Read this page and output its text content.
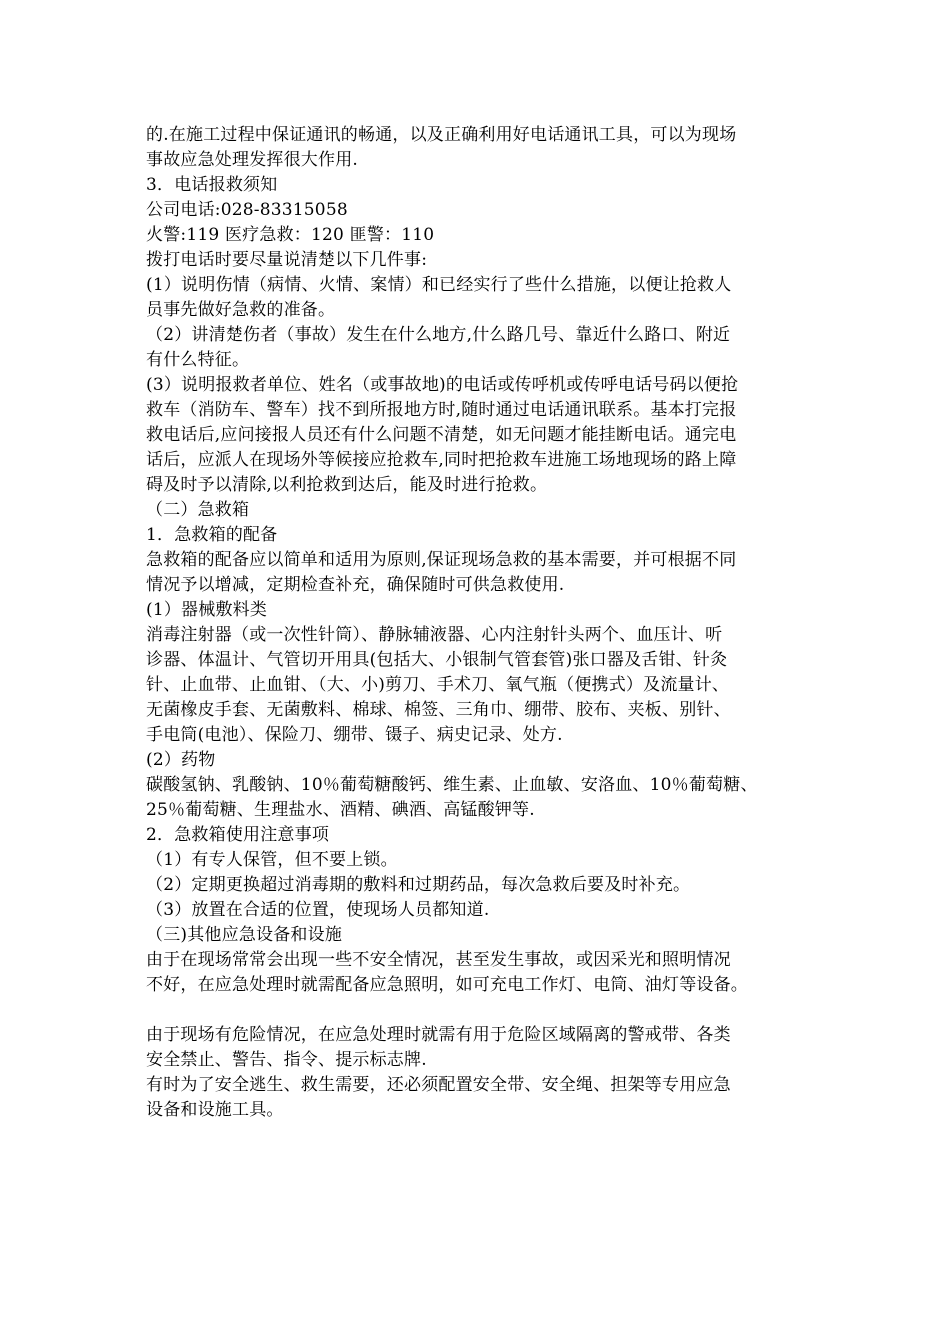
的.在施工过程中保证通讯的畅通，以及正确利用好电话通讯工具，可以为现场
事故应急处理发挥很大作用.
3．电话报救须知
公司电话:028-83315058
火警:119 医疗急救：120 匪警：110
拨打电话时要尽量说清楚以下几件事:
(1）说明伤情（病情、火情、案情）和已经实行了些什么措施，以便让抢救人
员事先做好急救的准备。
（2）讲清楚伤者（事故）发生在什么地方,什么路几号、靠近什么路口、附近
有什么特征。
(3）说明报救者单位、姓名（或事故地)的电话或传呼机或传呼电话号码以便抢
救车（消防车、警车）找不到所报地方时,随时通过电话通讯联系。基本打完报
救电话后,应问接报人员还有什么问题不清楚，如无问题才能挂断电话。通完电
话后，应派人在现场外等候接应抢救车,同时把抢救车进施工场地现场的路上障
碍及时予以清除,以利抢救到达后，能及时进行抢救。
（二）急救箱
1．急救箱的配备
急救箱的配备应以简单和适用为原则,保证现场急救的基本需要，并可根据不同
情况予以增减，定期检查补充，确保随时可供急救使用.
(1）器械敷料类
消毒注射器（或一次性针筒）、静脉辅液器、心内注射针头两个、血压计、听
诊器、体温计、气管切开用具(包括大、小银制气管套管)张口器及舌钳、针灸
针、止血带、止血钳、（大、小)剪刀、手术刀、氧气瓶（便携式）及流量计、
无菌橡皮手套、无菌敷料、棉球、棉签、三角巾、绷带、胶布、夹板、别针、
手电筒(电池）、保险刀、绷带、镊子、病史记录、处方.
(2）药物
碳酸氢钠、乳酸钠、10％葡萄糖酸钙、维生素、止血敏、安洛血、10％葡萄糖、
25％葡萄糖、生理盐水、酒精、碘酒、高锰酸钾等.
2．急救箱使用注意事项
（1）有专人保管，但不要上锁。
（2）定期更换超过消毒期的敷料和过期药品，每次急救后要及时补充。
（3）放置在合适的位置，使现场人员都知道.
（三)其他应急设备和设施
由于在现场常常会出现一些不安全情况，甚至发生事故，或因采光和照明情况
不好，在应急处理时就需配备应急照明，如可充电工作灯、电筒、油灯等设备。
由于现场有危险情况，在应急处理时就需有用于危险区域隔离的警戒带、各类
安全禁止、警告、指令、提示标志牌.
有时为了安全逃生、救生需要，还必须配置安全带、安全绳、担架等专用应急
设备和设施工具。
